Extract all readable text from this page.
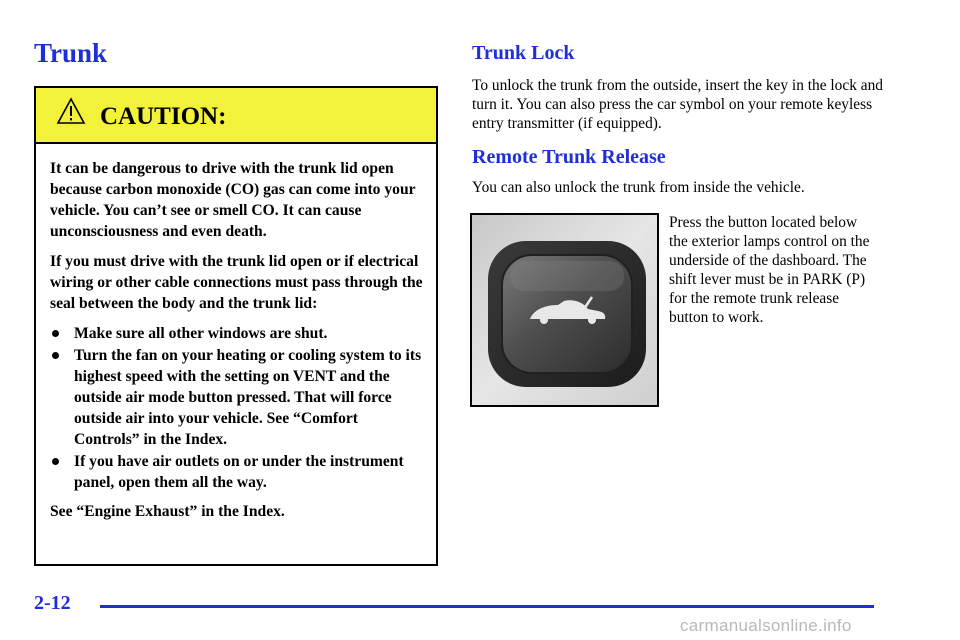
Trunk
CAUTION:

It can be dangerous to drive with the trunk lid open because carbon monoxide (CO) gas can come into your vehicle. You can’t see or smell CO. It can cause unconsciousness and even death.

If you must drive with the trunk lid open or if electrical wiring or other cable connections must pass through the seal between the body and the trunk lid:

Make sure all other windows are shut.
Turn the fan on your heating or cooling system to its highest speed with the setting on VENT and the outside air mode button pressed. That will force outside air into your vehicle. See “Comfort Controls” in the Index.
If you have air outlets on or under the instrument panel, open them all the way.

See “Engine Exhaust” in the Index.

Trunk Lock

To unlock the trunk from the outside, insert the key in the lock and turn it. You can also press the car symbol on your remote keyless entry transmitter (if equipped).

Remote Trunk Release

You can also unlock the trunk from inside the vehicle.

Press the button located below the exterior lamps control on the underside of the dashboard. The shift lever must be in PARK (P) for the remote trunk release button to work.

2-12
carmanualsonline.info
